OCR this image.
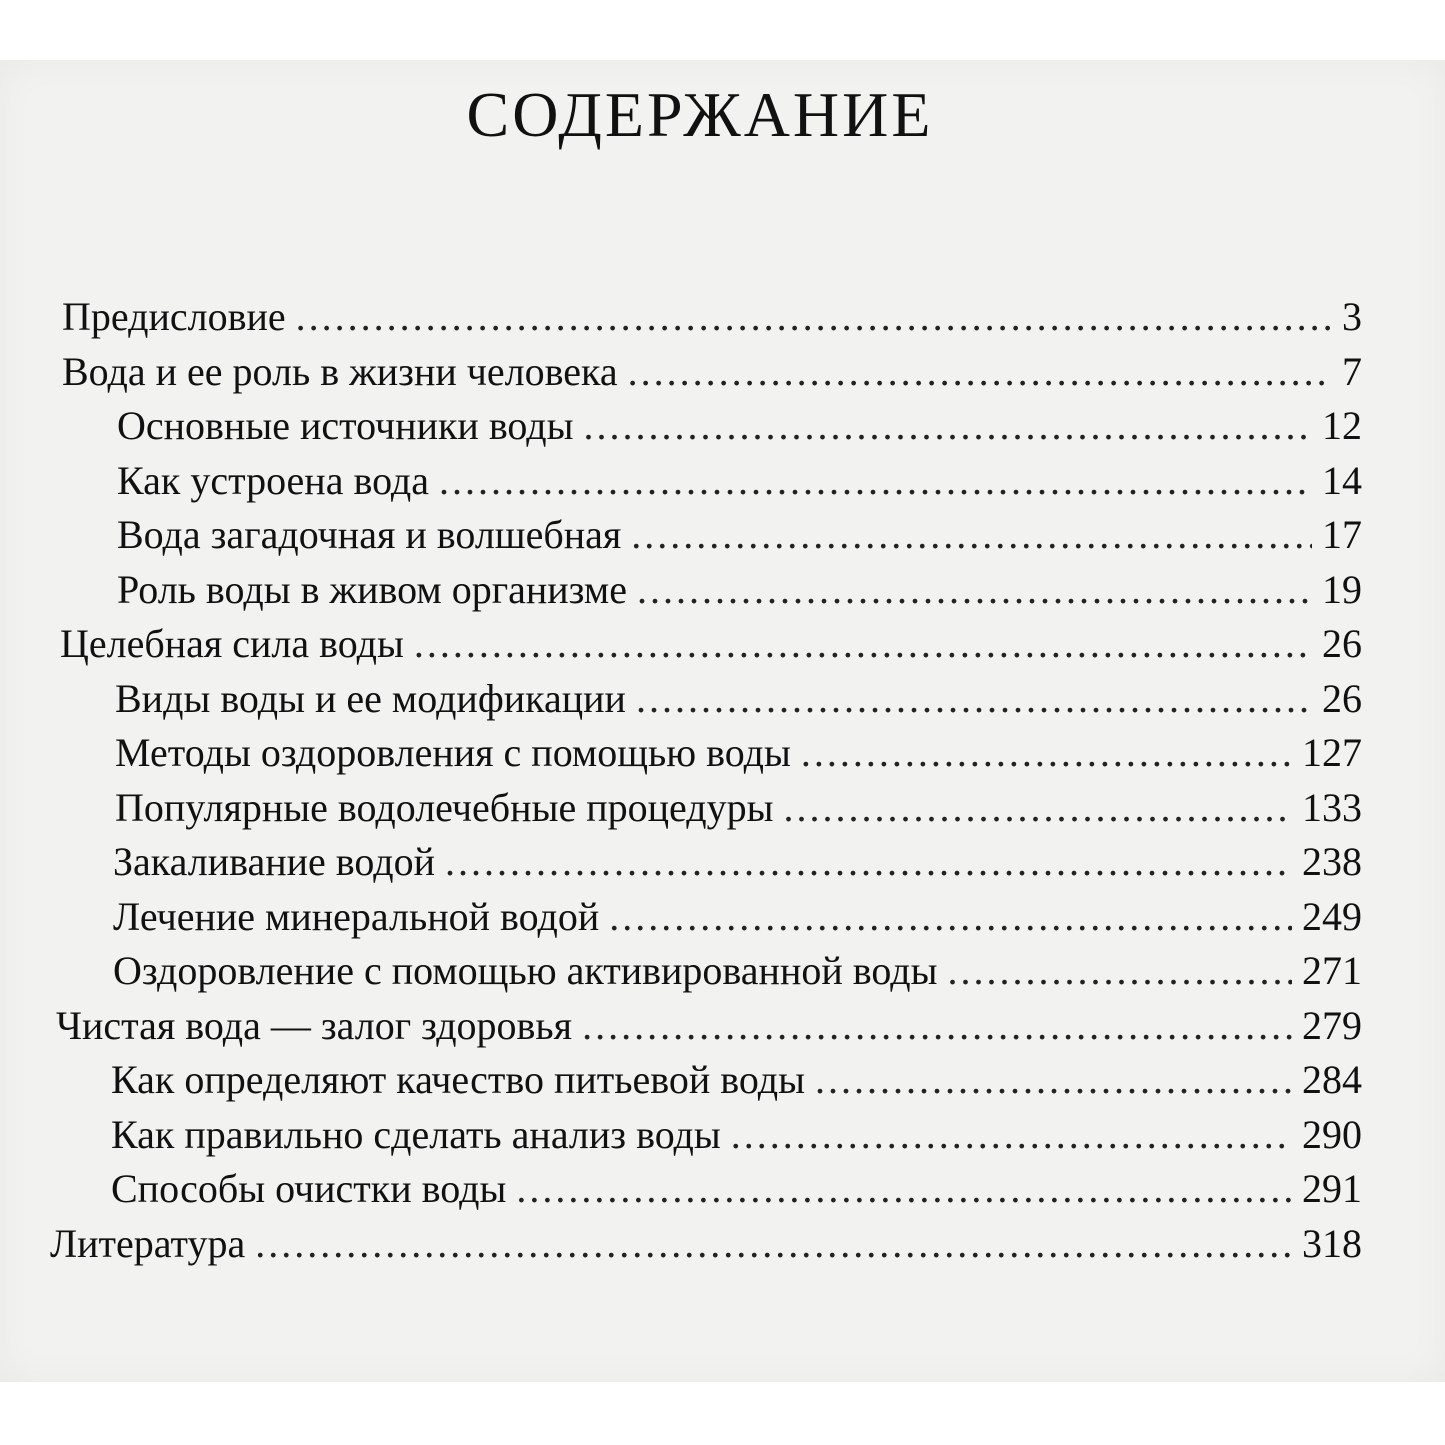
СОДЕРЖАНИЕ
Предисловие .....	3
Вода и ее роль в жизни человека .....	7
Основные источники воды .....	12
Как устроена вода .....	14
Вода загадочная и волшебная .....	17
Роль воды в живом организме .....	19
Целебная сила воды .....	26
Виды воды и ее модификации .....	26
Методы оздоровления с помощью воды .....	127
Популярные водолечебные процедуры .....	133
Закаливание водой .....	238
Лечение минеральной водой .....	249
Оздоровление с помощью активированной воды .....	271
Чистая вода — залог здоровья .....	279
Как определяют качество питьевой воды .....	284
Как правильно сделать анализ воды .....	290
Способы очистки воды .....	291
Литература .....	318
